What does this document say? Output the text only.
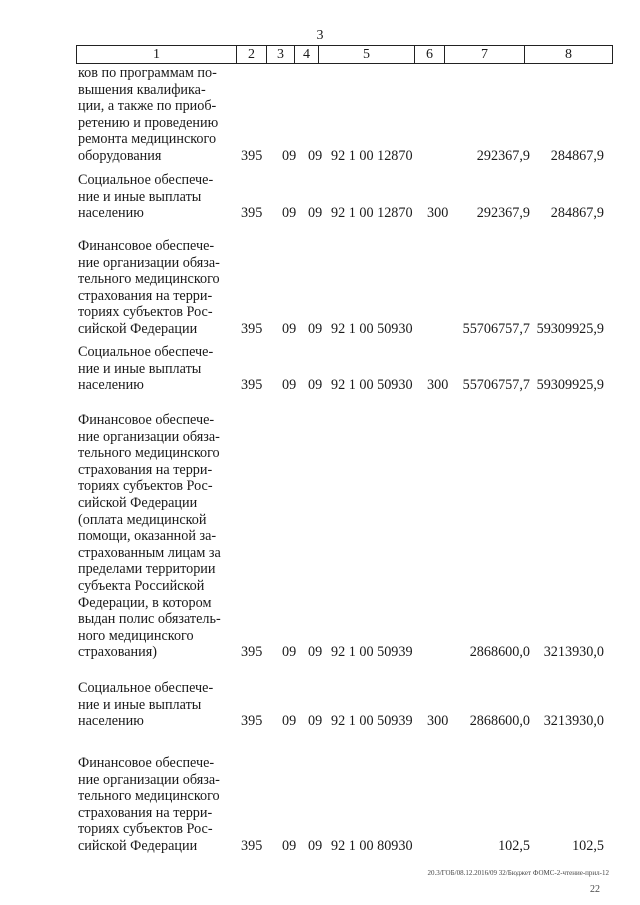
3
1	2	3	4	5	6	7	8
ков по программам по-
вышения квалифика-
ции, а также по приоб-
ретению и проведению
ремонта медицинского
оборудования	395 09 09 92 1 00 12870	292367,9 284867,9
Социальное обеспече-
ние и иные выплаты
населению	395 09 09 92 1 00 12870 300 292367,9 284867,9
Финансовое обеспече-
ние организации обяза-
тельного медицинского
страхования на терри-
ториях субъектов Рос-
сийской Федерации	395 09 09 92 1 00 50930	55706757,7 59309925,9
Социальное обеспече-
ние и иные выплаты
населению	395 09 09 92 1 00 50930 300 55706757,7 59309925,9
Финансовое обеспече-
ние организации обяза-
тельного медицинского
страхования на терри-
ториях субъектов Рос-
сийской Федерации
(оплата медицинской
помощи, оказанной за-
страхованным лицам за
пределами территории
субъекта Российской
Федерации, в котором
выдан полис обязатель-
ного медицинского
страхования)	395 09 09 92 1 00 50939	2868600,0 3213930,0
Социальное обеспече-
ние и иные выплаты
населению	395 09 09 92 1 00 50939 300 2868600,0 3213930,0
Финансовое обеспече-
ние организации обяза-
тельного медицинского
страхования на терри-
ториях субъектов Рос-
сийской Федерации	395 09 09 92 1 00 80930	102,5	102,5
20.3/ГОБ/08.12.2016/09 32/Бюджет ФОМС-2-чтение-прил-12
22
